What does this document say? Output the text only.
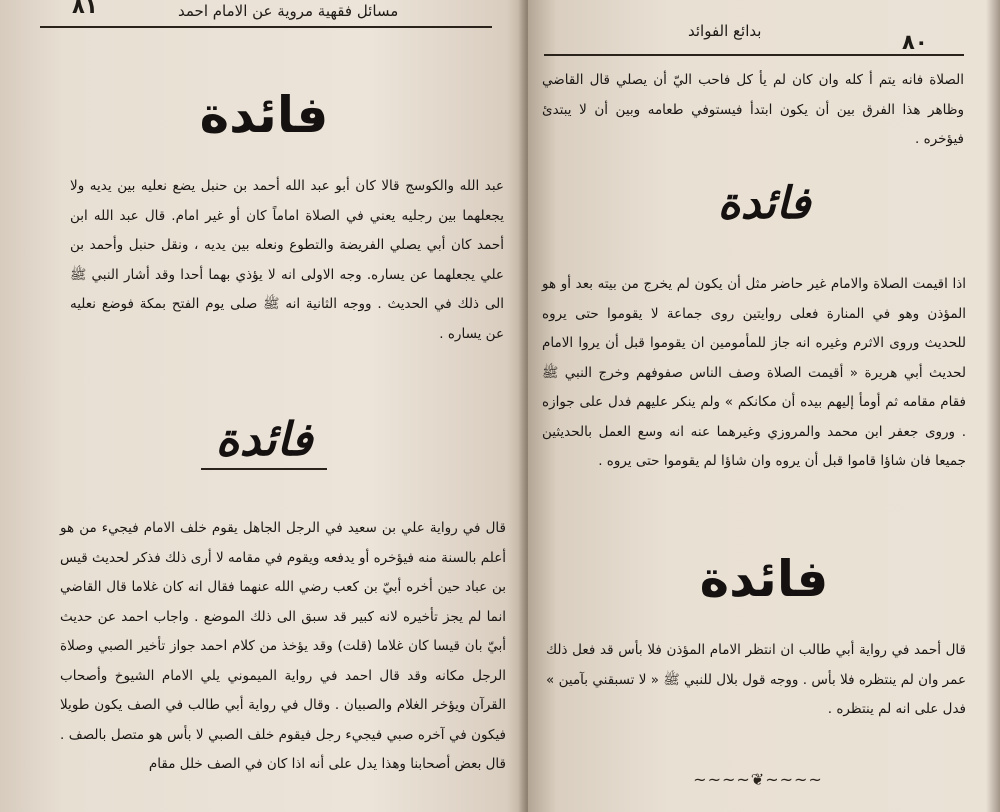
٨١	مسائل فقهية مروية عن الامام احمد
فائدة
عبد الله والكوسج قالا كان أبو عبد الله أحمد بن حنبل يضع نعليه بين يديه ولا يجعلهما بين رجليه يعني في الصلاة اماماً كان أو غير امام. قال عبد الله ابن أحمد كان أبي يصلي الفريضة والتطوع ونعله بين يديه ، ونقل حنبل وأحمد بن علي يجعلهما عن يساره. وجه الاولى انه لا يؤذي بهما أحدا وقد أشار النبي ﷺ الى ذلك في الحديث . ووجه الثانية انه ﷺ صلى يوم الفتح بمكة فوضع نعليه عن يساره .
فائدة
قال في رواية علي بن سعيد في الرجل الجاهل يقوم خلف الامام فيجيء من هو أعلم بالسنة منه فيؤخره أو يدفعه ويقوم في مقامه لا أرى ذلك فذكر لحديث قيس بن عباد حين أخره أبيّ بن كعب رضي الله عنهما فقال انه كان غلاما قال القاضي انما لم يجز تأخيره لانه كبير قد سبق الى ذلك الموضع . واجاب احمد عن حديث أبيّ بان قيسا كان غلاما (قلت) وقد يؤخذ من كلام احمد جواز تأخير الصبي وصلاة الرجل مكانه وقد قال احمد في رواية الميموني يلي الامام الشيوخ وأصحاب القرآن ويؤخر الغلام والصبيان . وقال في رواية أبي طالب في الصف يكون طويلا فيكون في آخره صبي فيجيء رجل فيقوم خلف الصبي لا بأس هو متصل بالصف . قال بعض أصحابنا وهذا يدل على أنه اذا كان في الصف خلل مقام
٨٠
بدائع الفوائد
الصلاة فانه يتم أ كله وان كان لم يأ كل فاحب اليّ أن يصلي قال القاضي وظاهر هذا الفرق بين أن يكون ابتدأ فيستوفي طعامه وبين أن لا يبتدئ فيؤخره .
فائدة
اذا اقيمت الصلاة والامام غير حاضر مثل أن يكون لم يخرج من بيته بعد أو هو المؤذن وهو في المنارة فعلى روايتين روى جماعة لا يقوموا حتى يروه للحديث وروى الاثرم وغيره انه جاز للمأمومين ان يقوموا قبل أن يروا الامام لحديث أبي هريرة « أقيمت الصلاة وصف الناس صفوفهم وخرج النبي ﷺ فقام مقامه ثم أومأ إليهم بيده أن مكانكم » ولم ينكر عليهم فدل على جوازه . وروى جعفر ابن محمد والمروزي وغيرهما عنه انه وسع العمل بالحديثين جميعا فان شاؤا قاموا قبل أن يروه وان شاؤا لم يقوموا حتى يروه .
فائدة
قال أحمد في رواية أبي طالب ان انتظر الامام المؤذن فلا بأس قد فعل ذلك عمر وان لم ينتظره فلا بأس . ووجه قول بلال للنبي ﷺ « لا تسبقني بآمين » فدل على انه لم ينتظره .
~~~~❦~~~~
